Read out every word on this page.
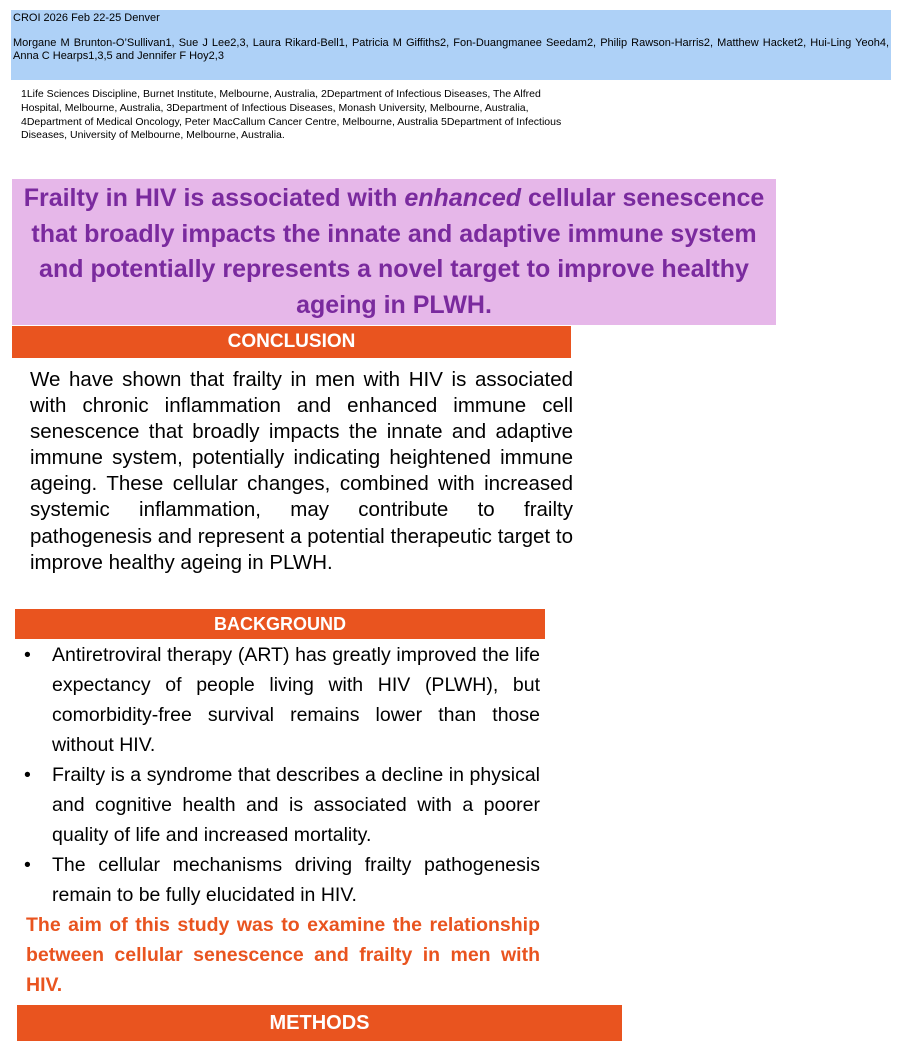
CROI 2026 Feb 22-25 Denver

Morgane M Brunton-O’Sullivan1, Sue J Lee2,3, Laura Rikard-Bell1, Patricia M Giffiths2, Fon-Duangmanee Seedam2, Philip Rawson-Harris2, Matthew Hacket2, Hui-Ling Yeoh4, Anna C Hearps1,3,5 and Jennifer F Hoy2,3

1Life Sciences Discipline, Burnet Institute, Melbourne, Australia, 2Department of Infectious Diseases, The Alfred Hospital, Melbourne, Australia, 3Department of Infectious Diseases, Monash University, Melbourne, Australia, 4Department of Medical Oncology, Peter MacCallum Cancer Centre, Melbourne, Australia 5Department of Infectious Diseases, University of Melbourne, Melbourne, Australia.

Frailty in HIV is associated with enhanced cellular senescence that broadly impacts the innate and adaptive immune system and potentially represents a novel target to improve healthy ageing in PLWH.

CONCLUSION

We have shown that frailty in men with HIV is associated with chronic inflammation and enhanced immune cell senescence that broadly impacts the innate and adaptive immune system, potentially indicating heightened immune ageing. These cellular changes, combined with increased systemic inflammation, may contribute to frailty pathogenesis and represent a potential therapeutic target to improve healthy ageing in PLWH.

BACKGROUND
• Antiretroviral therapy (ART) has greatly improved the life expectancy of people living with HIV (PLWH), but comorbidity-free survival remains lower than those without HIV.
• Frailty is a syndrome that describes a decline in physical and cognitive health and is associated with a poorer quality of life and increased mortality.
• The cellular mechanisms driving frailty pathogenesis remain to be fully elucidated in HIV.

The aim of this study was to examine the relationship between cellular senescence and frailty in men with HIV.

METHODS
